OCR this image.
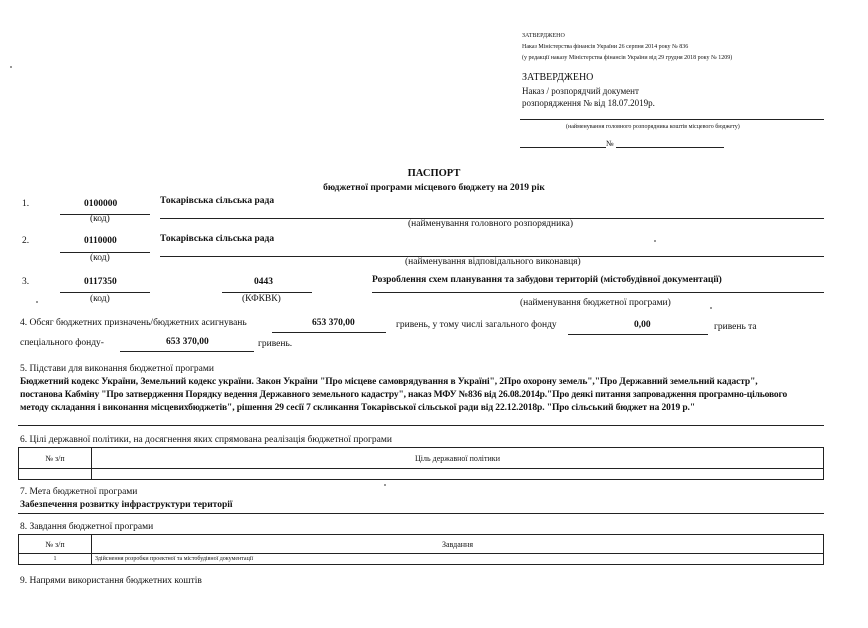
ЗАТВЕРДЖЕНО
Наказ Міністерства фінансів України 26 серпня 2014 року № 836
(у редакції наказу Міністерства фінансів України від 29 грудня 2018 року № 1209)
ЗАТВЕРДЖЕНО
Наказ / розпорядчий документ
розпорядження № від 18.07.2019р.
(найменування головного розпорядника коштів місцевого бюджету)
№
ПАСПОРТ
бюджетної програми місцевого бюджету на 2019 рік
1.	0100000	Токарівська сільська рада
(код)	(найменування головного розпорядника)
2.	0110000	Токарівська сільська рада
(код)	(найменування відповідального виконавця)
3.	0117350	0443	Розроблення схем планування та забудови територій (містобудівної документації)
(код)	(КФКВК)	(найменування бюджетної програми)
4. Обсяг бюджетних призначень/бюджетних асигнувань	653 370,00	гривень, у тому числі загального фонду	0,00	гривень та
спеціального фонду-	653 370,00	гривень.
5. Підстави для виконання бюджетної програми
Бюджетний кодекс України, Земельний кодекс україни. Закон України "Про місцеве самоврядування в Україні", 2Про охорону земель","Про Державний земельний кадастр",
постанова Кабміну "Про затвердження Порядку ведення Державного земельного кадастру", наказ МФУ №836 від 26.08.2014р."Про деякі питання запровадження програмно-цільового
методу складання і виконання місцевихбюджетів", рішення 29 сесії 7 скликання Токарівської сільської ради від 22.12.2018р. "Про сільський бюджет на 2019 р."
6. Цілі державної політики, на досягнення яких спрямована реалізація бюджетної програми
№ з/п	Ціль державної політики

7. Мета бюджетної програми
Забезпечення розвитку інфраструктури території
8. Завдання бюджетної програми
№ з/п	Завдання
1	Здійснення розробки проектної та містобудівної документації
9. Напрями використання бюджетних коштів
